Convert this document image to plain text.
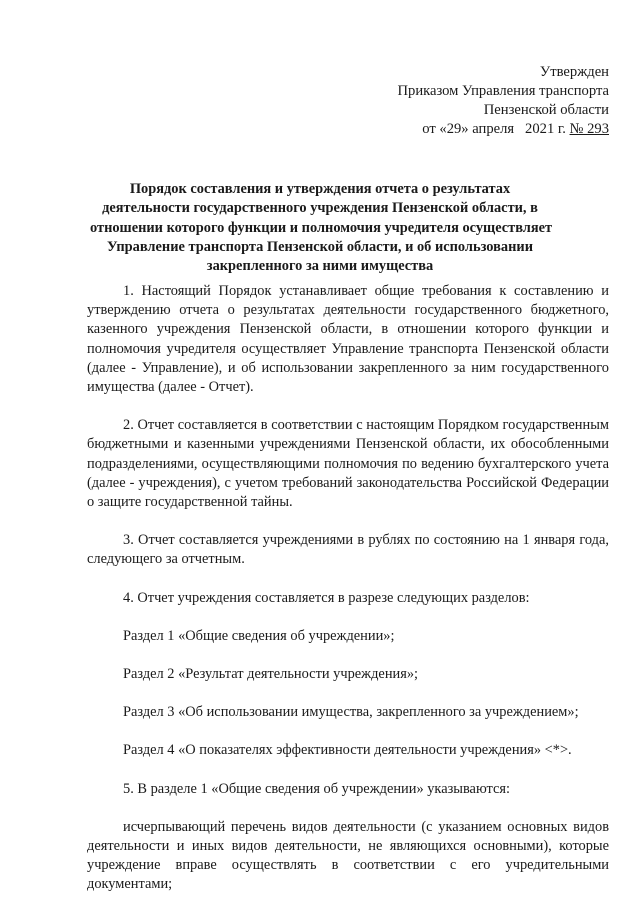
Утвержден
Приказом Управления транспорта
Пензенской области
от «29» апреля   2021 г. № 293
Порядок составления и утверждения отчета о результатах
деятельности государственного учреждения Пензенской области, в
отношении которого функции и полномочия учредителя осуществляет
Управление транспорта Пензенской области, и об использовании
закрепленного за ними имущества

1. Настоящий Порядок устанавливает общие требования к составлению и утверждению отчета о результатах деятельности государственного бюджетного, казенного учреждения Пензенской области, в отношении которого функции и полномочия учредителя осуществляет Управление транспорта Пензенской области (далее - Управление), и об использовании закрепленного за ним государственного имущества (далее - Отчет).

2. Отчет составляется в соответствии с настоящим Порядком государственным бюджетными и казенными учреждениями Пензенской области, их обособленными подразделениями, осуществляющими полномочия по ведению бухгалтерского учета (далее - учреждения), с учетом требований законодательства Российской Федерации о защите государственной тайны.

3. Отчет составляется учреждениями в рублях по состоянию на 1 января года, следующего за отчетным.

4. Отчет учреждения составляется в разрезе следующих разделов:

Раздел 1 «Общие сведения об учреждении»;

Раздел 2 «Результат деятельности учреждения»;

Раздел 3 «Об использовании имущества, закрепленного за учреждением»;

Раздел 4 «О показателях эффективности деятельности учреждения» <*>.

5. В разделе 1 «Общие сведения об учреждении» указываются:

исчерпывающий перечень видов деятельности (с указанием основных видов деятельности и иных видов деятельности, не являющихся основными), которые учреждение вправе осуществлять в соответствии с его учредительными документами;
